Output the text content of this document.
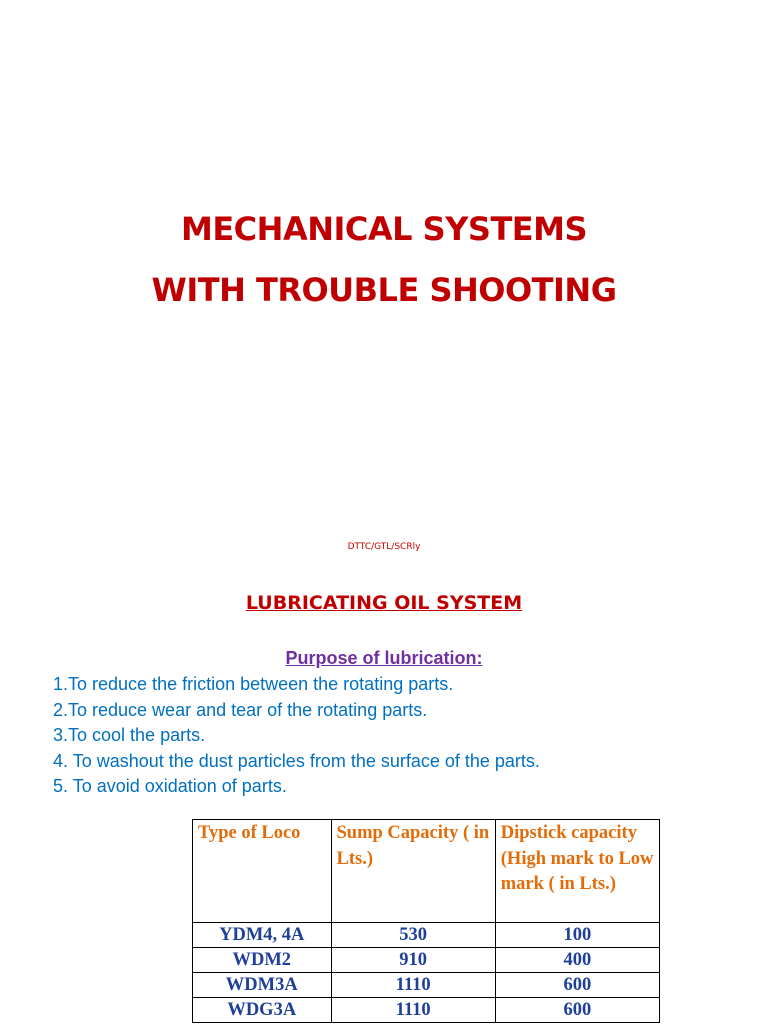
MECHANICAL SYSTEMS
WITH TROUBLE SHOOTING
DTTC/GTL/SCRly
LUBRICATING OIL SYSTEM
Purpose of lubrication:
1.To reduce the friction between the rotating parts.
2.To reduce wear and tear of the rotating parts.
3.To cool the parts.
4. To washout the dust particles from the surface of the parts.
5. To avoid oxidation of parts.
Type of Loco	Sump Capacity ( in Lts.)	Dipstick capacity (High mark to Low mark ( in Lts.)
YDM4, 4A	530	100
WDM2	910	400
WDM3A	1110	600
WDG3A	1110	600
